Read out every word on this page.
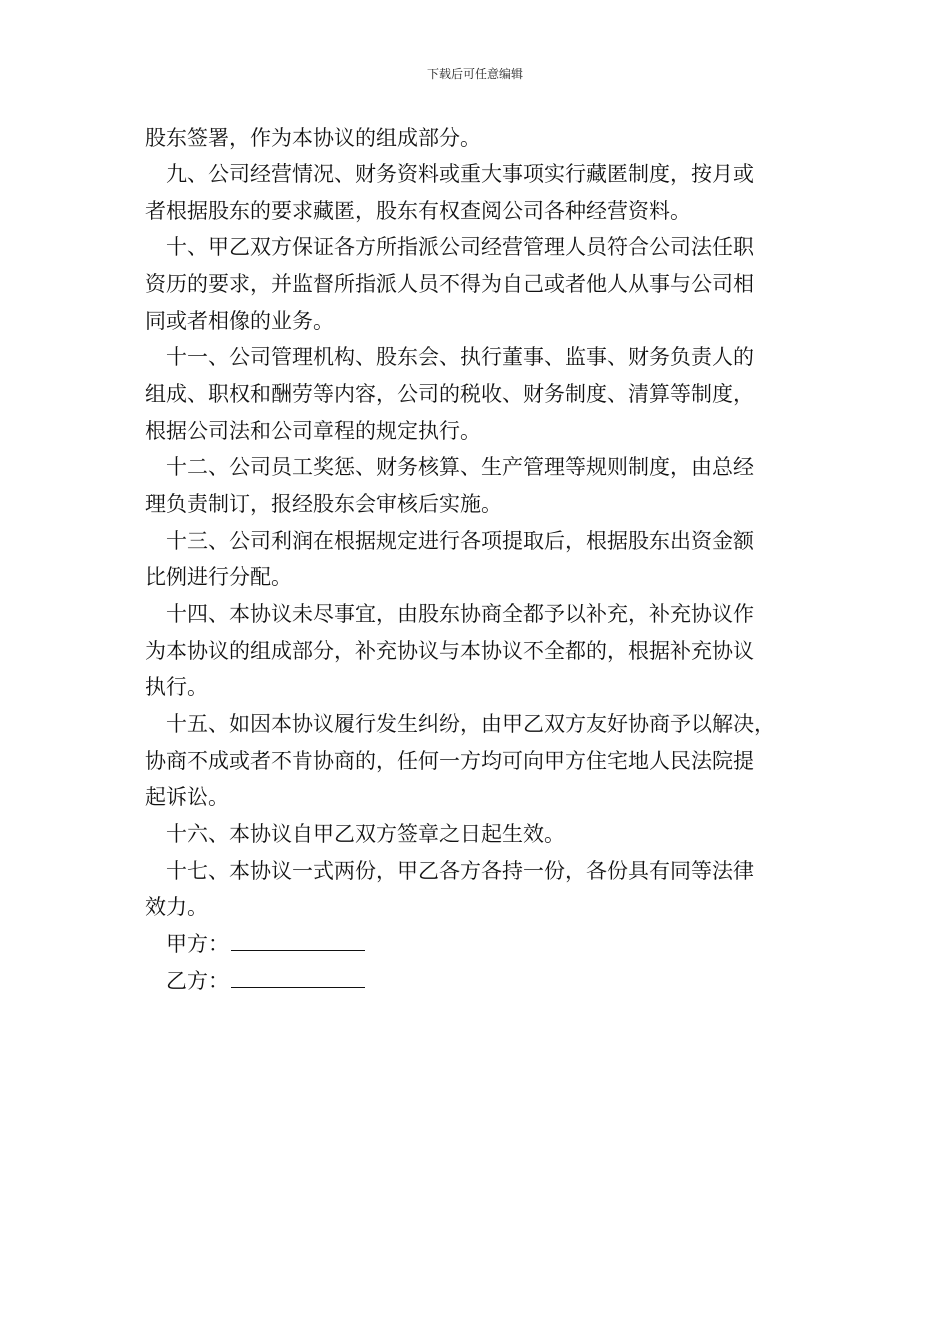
下载后可任意编辑
股东签署，作为本协议的组成部分。
九、公司经营情况、财务资料或重大事项实行藏匿制度，按月或
者根据股东的要求藏匿，股东有权查阅公司各种经营资料。
十、甲乙双方保证各方所指派公司经营管理人员符合公司法任职
资历的要求，并监督所指派人员不得为自己或者他人从事与公司相
同或者相像的业务。
十一、公司管理机构、股东会、执行董事、监事、财务负责人的
组成、职权和酬劳等内容，公司的税收、财务制度、清算等制度，
根据公司法和公司章程的规定执行。
十二、公司员工奖惩、财务核算、生产管理等规则制度，由总经
理负责制订，报经股东会审核后实施。
十三、公司利润在根据规定进行各项提取后，根据股东出资金额
比例进行分配。
十四、本协议未尽事宜，由股东协商全都予以补充，补充协议作
为本协议的组成部分，补充协议与本协议不全都的，根据补充协议
执行。
十五、如因本协议履行发生纠纷，由甲乙双方友好协商予以解决，
协商不成或者不肯协商的，任何一方均可向甲方住宅地人民法院提
起诉讼。
十六、本协议自甲乙双方签章之日起生效。
十七、本协议一式两份，甲乙各方各持一份，各份具有同等法律
效力。
甲方：
乙方：
